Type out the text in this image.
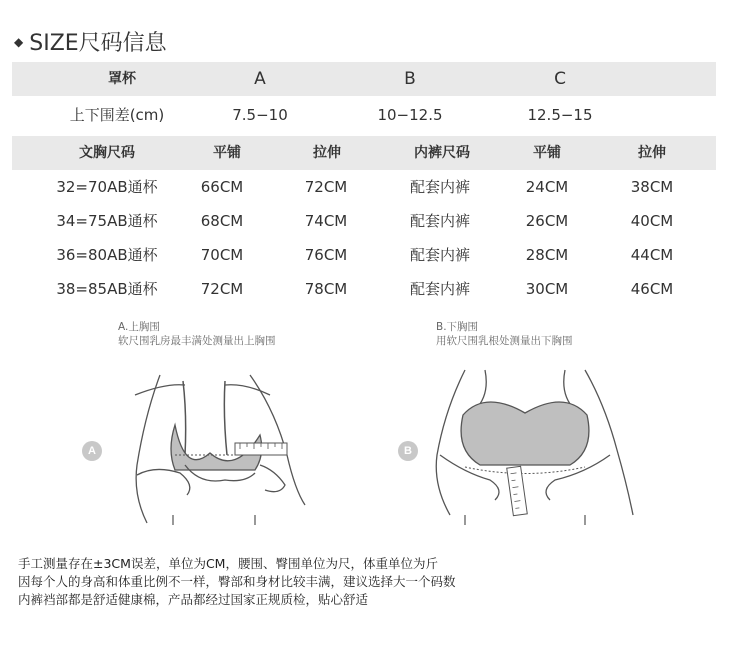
◆ SIZE尺码信息
罩杯	A	B	C
上下围差(cm)	7.5−10	10−12.5	12.5−15
文胸尺码	平铺	拉伸	内裤尺码	平铺	拉伸
32=70AB通杯	66CM	72CM	配套内裤	24CM	38CM
34=75AB通杯	68CM	74CM	配套内裤	26CM	40CM
36=80AB通杯	70CM	76CM	配套内裤	28CM	44CM
38=85AB通杯	72CM	78CM	配套内裤	30CM	46CM
A.上胸围
软尺围乳房最丰满处测量出上胸围
A
B.下胸围
用软尺围乳根处测量出下胸围
B
手工测量存在±3CM误差，单位为CM，腰围、臀围单位为尺，体重单位为斤
因每个人的身高和体重比例不一样，臀部和身材比较丰满，建议选择大一个码数
内裤裆部都是舒适健康棉，产品都经过国家正规质检，贴心舒适
